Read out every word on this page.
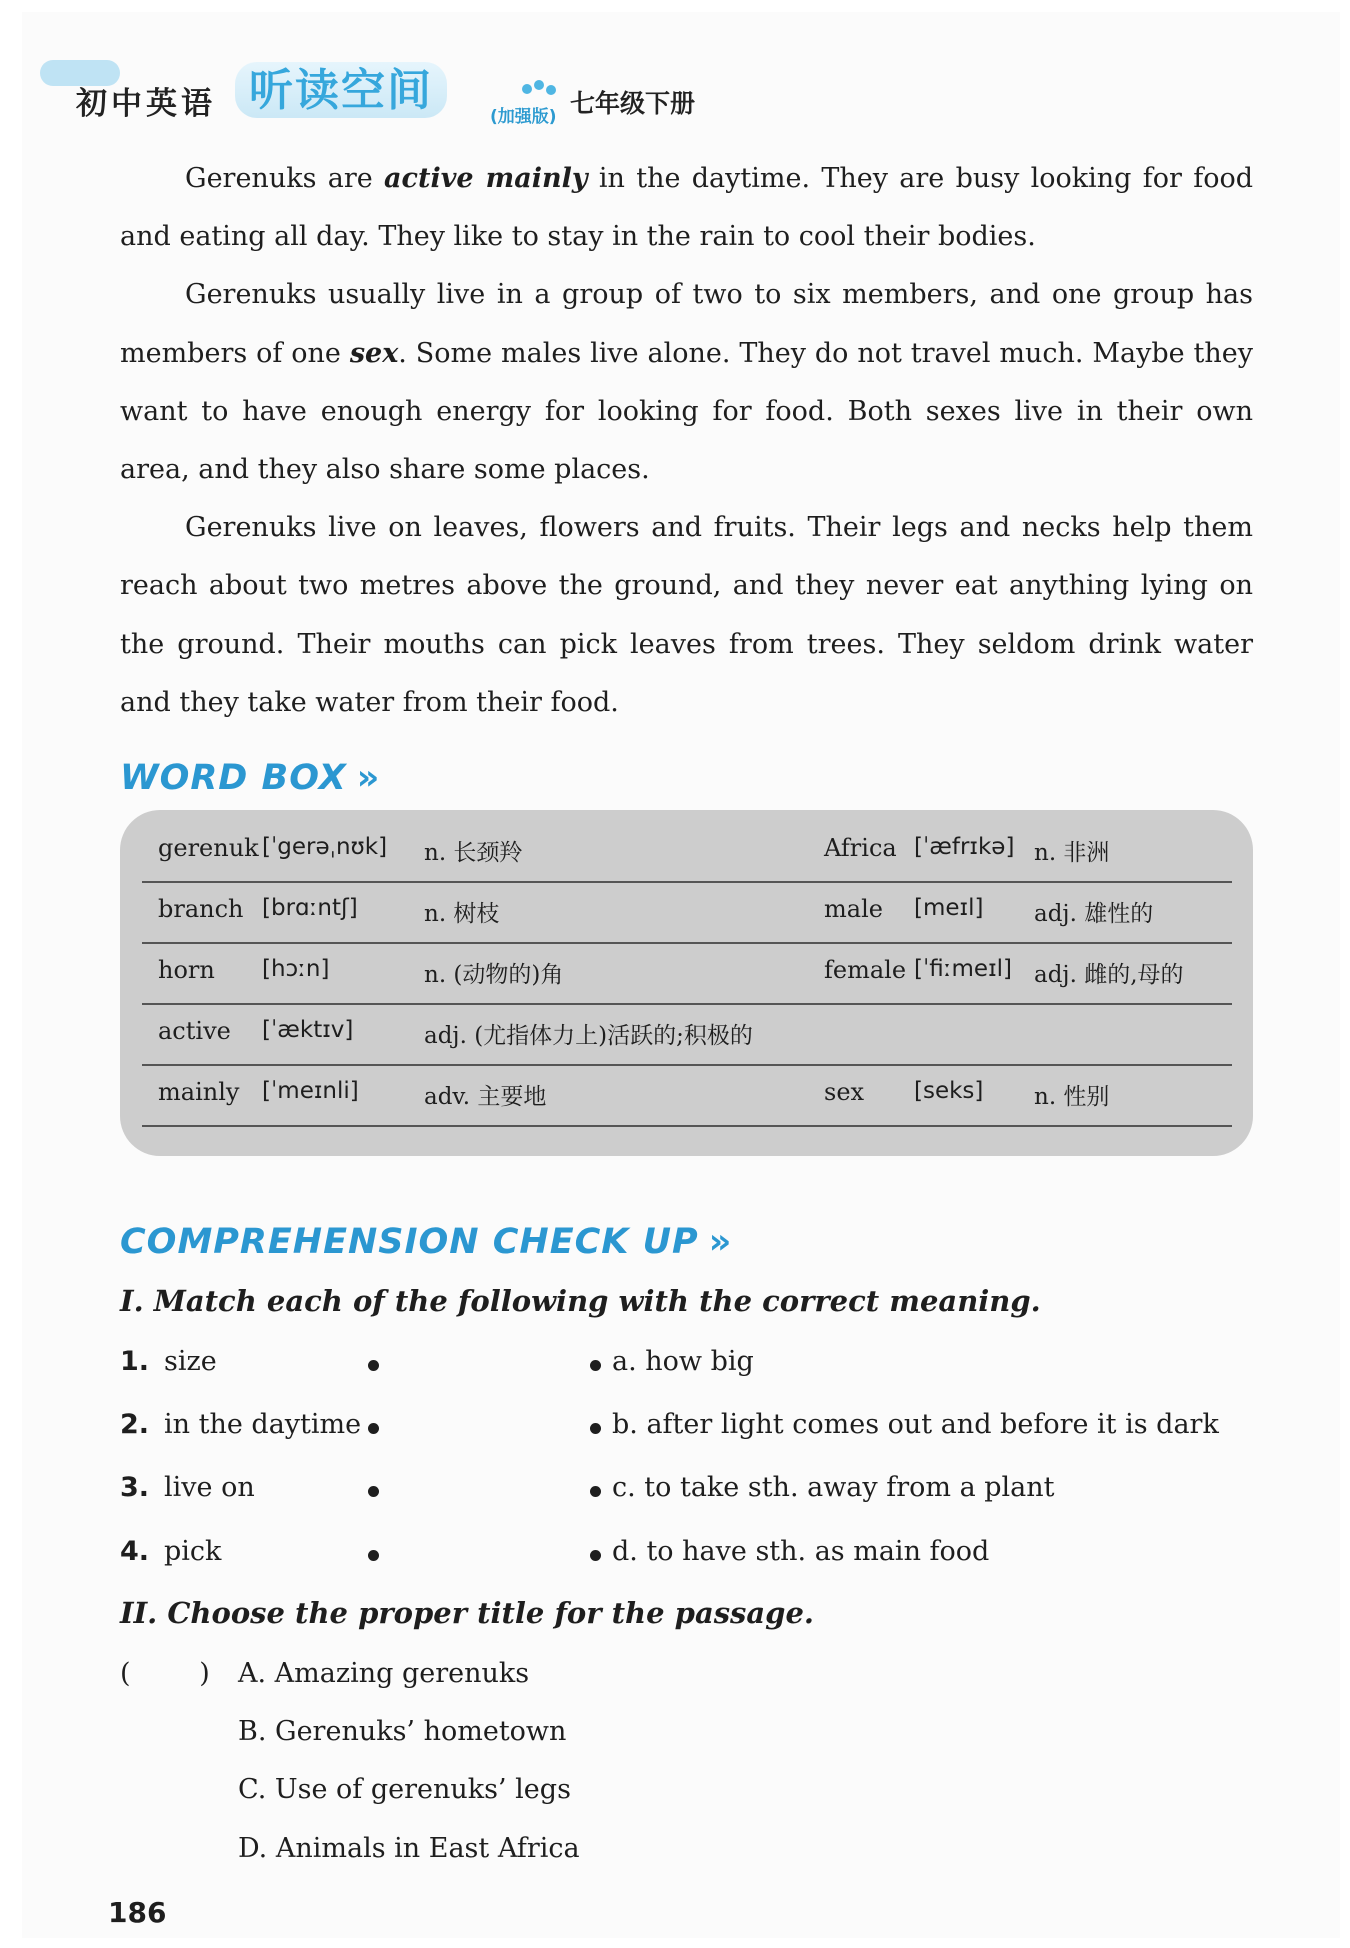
初中英语 听读空间
(加强版) 七年级下册

Gerenuks are active mainly in the daytime. They are busy looking for food and eating all day. They like to stay in the rain to cool their bodies.

Gerenuks usually live in a group of two to six members, and one group has members of one sex. Some males live alone. They do not travel much. Maybe they want to have enough energy for looking for food. Both sexes live in their own area, and they also share some places.

Gerenuks live on leaves, flowers and fruits. Their legs and necks help them reach about two metres above the ground, and they never eat anything lying on the ground. Their mouths can pick leaves from trees. They seldom drink water and they take water from their food.

WORD BOX »
gerenuk [ˈgerəˌnʊk] n. 长颈羚	Africa [ˈæfrɪkə] n. 非洲
branch [brɑːntʃ]	n. 树枝	male [meɪl] adj. 雄性的
horn [hɔːn]	n. (动物的)角	female [ˈfiːmeɪl] adj. 雌的,母的
active [ˈæktɪv]	adj. (尤指体力上)活跃的;积极的
mainly [ˈmeɪnli]	adv. 主要地	sex [seks] n. 性别
COMPREHENSION CHECK UP »
I. Match each of the following with the correct meaning.
1. size	a. how big
2. in the daytime	b. after light comes out and before it is dark
3. live on	c. to take sth. away from a plant
4. pick	d. to have sth. as main food
II. Choose the proper title for the passage.
(        ) A. Amazing gerenuks
B. Gerenuks’ hometown
C. Use of gerenuks’ legs
D. Animals in East Africa
186
